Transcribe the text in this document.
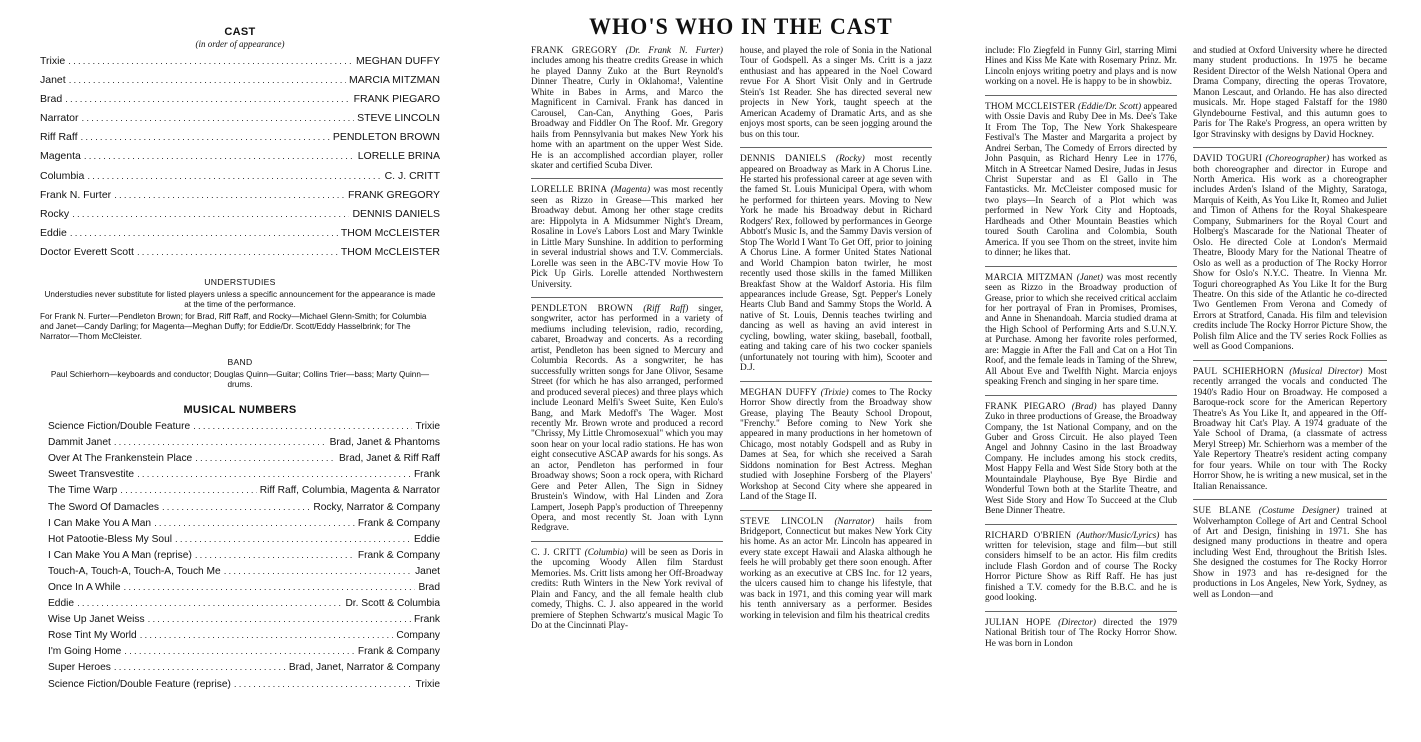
CAST
(in order of appearance)
Trixie .....	MEGHAN DUFFY
Janet .....	MARCIA MITZMAN
Brad .....	FRANK PIEGARO
Narrator .....	STEVE LINCOLN
Riff Raff .....	PENDLETON BROWN
Magenta .....	LORELLE BRINA
Columbia .....	C. J. CRITT
Frank N. Furter .....	FRANK GREGORY
Rocky .....	DENNIS DANIELS
Eddie .....	THOM McCLEISTER
Doctor Everett Scott .....	THOM McCLEISTER
UNDERSTUDIES
Understudies never substitute for listed players unless a specific announcement for the appearance is made at the time of the performance.
For Frank N. Furter—Pendleton Brown; for Brad, Riff Raff, and Rocky—Michael Glenn-Smith; for Columbia and Janet—Candy Darling; for Magenta—Meghan Duffy; for Eddie/Dr. Scott/Eddy Hasselbrink; for The Narrator—Thom McCleister.
BAND
Paul Schierhorn—keyboards and conductor; Douglas Quinn—Guitar; Collins Trier—bass; Marty Quinn—drums.
MUSICAL NUMBERS
Science Fiction/Double Feature .....	Trixie
Dammit Janet .....	Brad, Janet & Phantoms
Over At The Frankenstein Place .....	Brad, Janet & Riff Raff
Sweet Transvestite .....	Frank
The Time Warp .....	Riff Raff, Columbia, Magenta & Narrator
The Sword Of Damacles .....	Rocky, Narrator & Company
I Can Make You A Man .....	Frank & Company
Hot Patootie-Bless My Soul .....	Eddie
I Can Make You A Man (reprise) .....	Frank & Company
Touch-A, Touch-A, Touch-A, Touch Me .....	Janet
Once In A While .....	Brad
Eddie .....	Dr. Scott & Columbia
Wise Up Janet Weiss .....	Frank
Rose Tint My World .....	Company
I'm Going Home .....	Frank & Company
Super Heroes .....	Brad, Janet, Narrator & Company
Science Fiction/Double Feature (reprise) .....	Trixie
WHO'S WHO IN THE CAST

FRANK GREGORY (Dr. Frank N. Furter) includes among his theatre credits Grease in which he played Danny Zuko at the Burt Reynold's Dinner Theatre, Curly in Oklahoma!, Valentine White in Babes in Arms, and Marco the Magnificent in Carnival. Frank has danced in Carousel, Can-Can, Anything Goes, Paris Broadway and Fiddler On The Roof. Mr. Gregory hails from Pennsylvania but makes New York his home with an apartment on the upper West Side. He is an accomplished accordian player, roller skater and certified Scuba Diver.

LORELLE BRINA (Magenta) was most recently seen as Rizzo in Grease—This marked her Broadway debut. Among her other stage credits are: Hippolyta in A Midsummer Night's Dream, Rosaline in Love's Labors Lost and Mary Twinkle in Little Mary Sunshine. In addition to performing in several industrial shows and T.V. Commercials. Lorelle was seen in the ABC-TV movie How To Pick Up Girls. Lorelle attended Northwestern University.

PENDLETON BROWN (Riff Raff) singer, songwriter, actor has performed in a variety of mediums including television, radio, recording, cabaret, Broadway and concerts. As a recording artist, Pendleton has been signed to Mercury and Columbia Records. As a songwriter, he has successfully written songs for Jane Olivor, Sesame Street (for which he has also arranged, performed and produced several pieces) and three plays which include Leonard Melfi's Sweet Suite, Ken Eulo's Bang, and Mark Medoff's The Wager. Most recently Mr. Brown wrote and produced a record "Chrissy, My Little Chromosexual" which you may soon hear on your local radio stations. He has won eight consecutive ASCAP awards for his songs. As an actor, Pendleton has performed in four Broadway shows; Soon a rock opera, with Richard Gere and Peter Allen, The Sign in Sidney Brustein's Window, with Hal Linden and Zora Lampert, Joseph Papp's production of Threepenny Opera, and most recently St. Joan with Lynn Redgrave.

C. J. CRITT (Columbia) will be seen as Doris in the upcoming Woody Allen film Stardust Memories. Ms. Critt lists among her Off-Broadway credits: Ruth Winters in the New York revival of Plain and Fancy, and the all female health club comedy, Thighs. C. J. also appeared in the world premiere of Stephen Schwartz's musical Magic To Do at the Cincinnati Play-

house, and played the role of Sonia in the National Tour of Godspell. As a singer Ms. Critt is a jazz enthusiast and has appeared in the Noel Coward revue For A Short Visit Only and in Gertrude Stein's 1st Reader. She has directed several new projects in New York, taught speech at the American Academy of Dramatic Arts, and as she enjoys most sports, can be seen jogging around the bus on this tour.

DENNIS DANIELS (Rocky) most recently appeared on Broadway as Mark in A Chorus Line. He started his professional career at age seven with the famed St. Louis Municipal Opera, with whom he performed for thirteen years. Moving to New York he made his Broadway debut in Richard Rodgers' Rex, followed by performances in George Abbott's Music Is, and the Sammy Davis version of Stop The World I Want To Get Off, prior to joining A Chorus Line. A former United States National and World Champion baton twirler, he most recently used those skills in the famed Milliken Breakfast Show at the Waldorf Astoria. His film appearances include Grease, Sgt. Pepper's Lonely Hearts Club Band and Sammy Stops the World. A native of St. Louis, Dennis teaches twirling and dancing as well as having an avid interest in cycling, bowling, water skiing, baseball, football, eating and taking care of his two cocker spaniels (unfortunately not touring with him), Scooter and D.J.

MEGHAN DUFFY (Trixie) comes to The Rocky Horror Show directly from the Broadway show Grease, playing The Beauty School Dropout, "Frenchy." Before coming to New York she appeared in many productions in her hometown of Chicago, most notably Godspell and as Ruby in Dames at Sea, for which she received a Sarah Siddons nomination for Best Actress. Meghan studied with Josephine Forsberg of the Players' Workshop at Second City where she appeared in Land of the Stage II.

STEVE LINCOLN (Narrator) hails from Bridgeport, Connecticut but makes New York City his home. As an actor Mr. Lincoln has appeared in every state except Hawaii and Alaska although he feels he will probably get there soon enough. After working as an executive at CBS Inc. for 12 years, the ulcers caused him to change his lifestyle, that was back in 1971, and this coming year will mark his tenth anniversary as a performer. Besides working in television and film his theatrical credits

include: Flo Ziegfeld in Funny Girl, starring Mimi Hines and Kiss Me Kate with Rosemary Prinz. Mr. Lincoln enjoys writing poetry and plays and is now working on a novel. He is happy to be in showbiz.

THOM MCCLEISTER (Eddie/Dr. Scott) appeared with Ossie Davis and Ruby Dee in Ms. Dee's Take It From The Top, The New York Shakespeare Festival's The Master and Margarita a project by Andrei Serban, The Comedy of Errors directed by John Pasquin, as Richard Henry Lee in 1776, Mitch in A Streetcar Named Desire, Judas in Jesus Christ Superstar and as El Gallo in The Fantasticks. Mr. McCleister composed music for two plays—In Search of a Plot which was performed in New York City and Hoptoads, Hardheads and Other Mountain Beasties which toured South Carolina and Colombia, South America. If you see Thom on the street, invite him to dinner; he likes that.

MARCIA MITZMAN (Janet) was most recently seen as Rizzo in the Broadway production of Grease, prior to which she received critical acclaim for her portrayal of Fran in Promises, Promises, and Anne in Shenandoah. Marcia studied drama at the High School of Performing Arts and S.U.N.Y. at Purchase. Among her favorite roles performed, are: Maggie in After the Fall and Cat on a Hot Tin Roof, and the female leads in Taming of the Shrew, All About Eve and Twelfth Night. Marcia enjoys speaking French and singing in her spare time.

FRANK PIEGARO (Brad) has played Danny Zuko in three productions of Grease, the Broadway Company, the 1st National Company, and on the Guber and Gross Circuit. He also played Teen Angel and Johnny Casino in the last Broadway Company. He includes among his stock credits, Most Happy Fella and West Side Story both at the Mountaindale Playhouse, Bye Bye Birdie and Wonderful Town both at the Starlite Theatre, and West Side Story and How To Succeed at the Club Bene Dinner Theatre.

RICHARD O'BRIEN (Author/Music/Lyrics) has written for television, stage and film—but still considers himself to be an actor. His film credits include Flash Gordon and of course The Rocky Horror Picture Show as Riff Raff. He has just finished a T.V. comedy for the B.B.C. and he is good looking.

JULIAN HOPE (Director) directed the 1979 National British tour of The Rocky Horror Show. He was born in London

and studied at Oxford University where he directed many student productions. In 1975 he became Resident Director of the Welsh National Opera and Drama Company, directing the operas Trovatore, Manon Lescaut, and Orlando. He has also directed musicals. Mr. Hope staged Falstaff for the 1980 Glyndebourne Festival, and this autumn goes to Paris for The Rake's Progress, an opera written by Igor Stravinsky with designs by David Hockney.

DAVID TOGURI (Choreographer) has worked as both choreographer and director in Europe and North America. His work as a choreographer includes Arden's Island of the Mighty, Saratoga, Marquis of Keith, As You Like It, Romeo and Juliet and Timon of Athens for the Royal Shakespeare Company, Submariners for the Royal Court and Holberg's Mascarade for the National Theater of Oslo. He directed Cole at London's Mermaid Theatre, Bloody Mary for the National Theatre of Oslo as well as a production of The Rocky Horror Show for Oslo's N.Y.C. Theatre. In Vienna Mr. Toguri choreographed As You Like It for the Burg Theatre. On this side of the Atlantic he co-directed Two Gentlemen From Verona and Comedy of Errors at Stratford, Canada. His film and television credits include The Rocky Horror Picture Show, the Polish film Alice and the TV series Rock Follies as well as Good Companions.

PAUL SCHIERHORN (Musical Director) Most recently arranged the vocals and conducted The 1940's Radio Hour on Broadway. He composed a Baroque-rock score for the American Repertory Theatre's As You Like It, and appeared in the Off-Broadway hit Cat's Play. A 1974 graduate of the Yale School of Drama, (a classmate of actress Meryl Streep) Mr. Schierhorn was a member of the Yale Repertory Theatre's resident acting company for four years. While on tour with The Rocky Horror Show, he is writing a new musical, set in the Italian Renaissance.

SUE BLANE (Costume Designer) trained at Wolverhampton College of Art and Central School of Art and Design, finishing in 1971. She has designed many productions in theatre and opera including West End, throughout the British Isles. She designed the costumes for The Rocky Horror Show in 1973 and has re-designed for the productions in Los Angeles, New York, Sydney, as well as London—and
